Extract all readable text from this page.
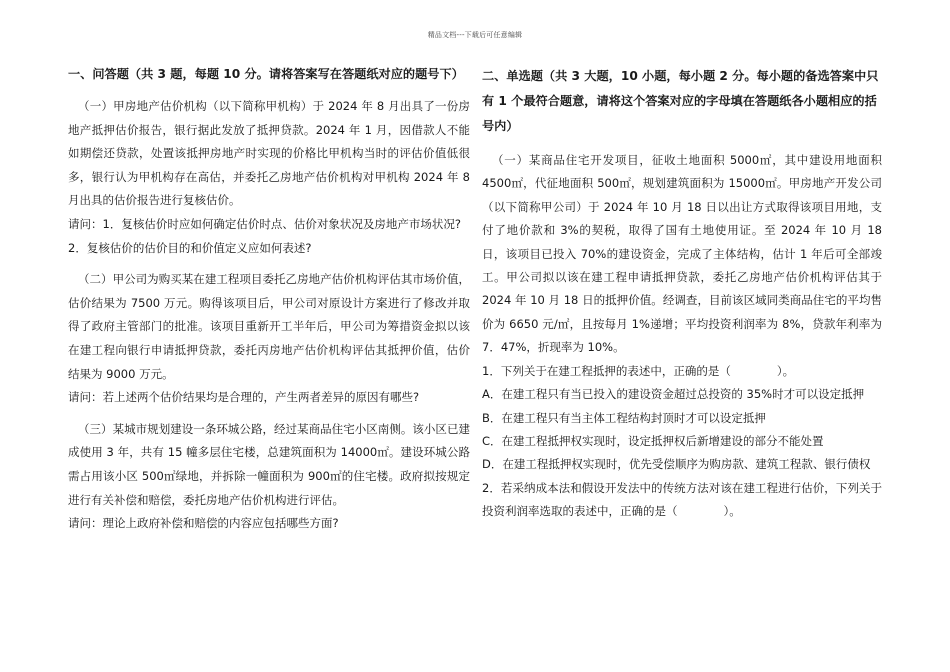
精品文档---下载后可任意编辑

一、问答题（共 3 题，每题 10 分。请将答案写在答题纸对应的题号下）

（一）甲房地产估价机构（以下简称甲机构）于 2024 年 8 月出具了一份房地产抵押估价报告，银行据此发放了抵押贷款。2024 年 1 月，因借款人不能如期偿还贷款，处置该抵押房地产时实现的价格比甲机构当时的评估价值低很多，银行认为甲机构存在高估，并委托乙房地产估价机构对甲机构 2024 年 8 月出具的估价报告进行复核估价。

请问：1．复核估价时应如何确定估价时点、估价对象状况及房地产市场状况?

2．复核估价的估价目的和价值定义应如何表述?

（二）甲公司为购买某在建工程项目委托乙房地产估价机构评估其市场价值，估价结果为 7500 万元。购得该项目后，甲公司对原设计方案进行了修改并取得了政府主管部门的批准。该项目重新开工半年后，甲公司为筹措资金拟以该在建工程向银行申请抵押贷款，委托丙房地产估价机构评估其抵押价值，估价结果为 9000 万元。

请问：若上述两个估价结果均是合理的，产生两者差异的原因有哪些?

（三）某城市规划建设一条环城公路，经过某商品住宅小区南侧。该小区已建成使用 3 年，共有 15 幢多层住宅楼，总建筑面积为 14000㎡。建设环城公路需占用该小区 500㎡绿地，并拆除一幢面积为 900㎡的住宅楼。政府拟按规定进行有关补偿和赔偿，委托房地产估价机构进行评估。

请问：理论上政府补偿和赔偿的内容应包括哪些方面?

二、单选题（共 3 大题，10 小题，每小题 2 分。每小题的备选答案中只有 1 个最符合题意，请将这个答案对应的字母填在答题纸各小题相应的括号内）

（一）某商品住宅开发项目，征收土地面积 5000㎡，其中建设用地面积 4500㎡，代征地面积 500㎡，规划建筑面积为 15000㎡。甲房地产开发公司（以下简称甲公司）于 2024 年 10 月 18 日以出让方式取得该项目用地，支付了地价款和 3%的契税，取得了国有土地使用证。至 2024 年 10 月 18 日，该项目已投入 70%的建设资金，完成了主体结构，估计 1 年后可全部竣工。甲公司拟以该在建工程申请抵押贷款，委托乙房地产估价机构评估其于 2024 年 10 月 18 日的抵押价值。经调查，目前该区域同类商品住宅的平均售价为 6650 元/㎡，且按每月 1%递增；平均投资利润率为 8%，贷款年利率为 7．47%，折现率为 10%。

1．下列关于在建工程抵押的表述中，正确的是（	）。

A．在建工程只有当已投入的建设资金超过总投资的 35%时才可以设定抵押

B．在建工程只有当主体工程结构封顶时才可以设定抵押

C．在建工程抵押权实现时，设定抵押权后新增建设的部分不能处置

D．在建工程抵押权实现时，优先受偿顺序为购房款、建筑工程款、银行债权

2．若采纳成本法和假设开发法中的传统方法对该在建工程进行估价，下列关于投资利润率选取的表述中，正确的是（	）。
